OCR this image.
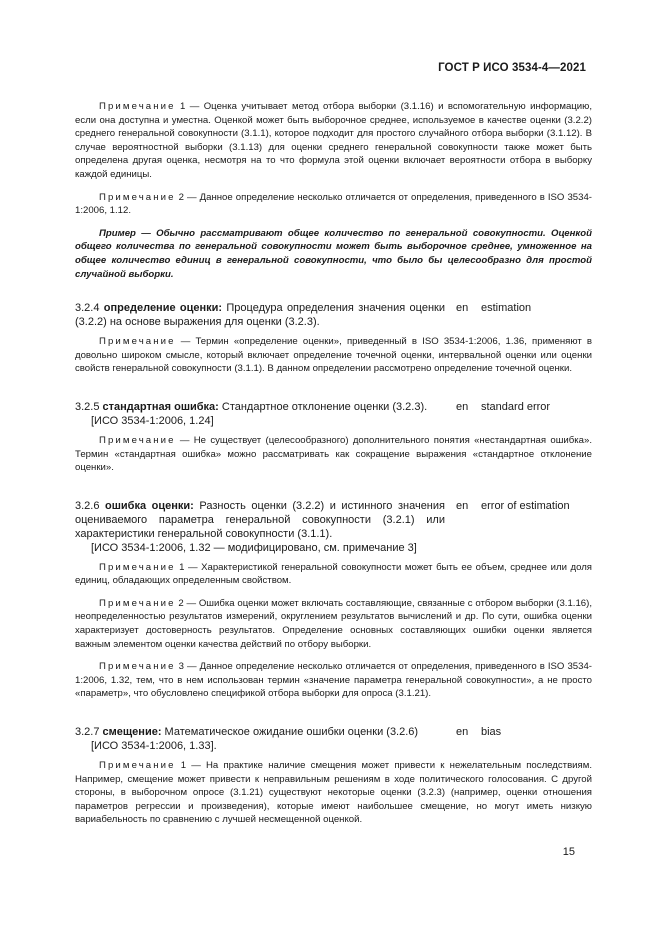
ГОСТ Р ИСО 3534-4—2021

Примечание 1 — Оценка учитывает метод отбора выборки (3.1.16) и вспомогательную информацию, если она доступна и уместна. Оценкой может быть выборочное среднее, используемое в качестве оценки (3.2.2) среднего генеральной совокупности (3.1.1), которое подходит для простого случайного отбора выборки (3.1.12). В случае вероятностной выборки (3.1.13) для оценки среднего генеральной совокупности также может быть определена другая оценка, несмотря на то что формула этой оценки включает вероятности отбора в выборку каждой единицы.

Примечание 2 — Данное определение несколько отличается от определения, приведенного в ISO 3534-1:2006, 1.12.

Пример — Обычно рассматривают общее количество по генеральной совокупности. Оценкой общего количества по генеральной совокупности может быть выборочное среднее, умноженное на общее количество единиц в генеральной совокупности, что было бы целесообразно для простой случайной выборки.

3.2.4 определение оценки: Процедура определения значения оценки (3.2.2) на основе выражения для оценки (3.2.3).
en estimation

Примечание — Термин «определение оценки», приведенный в ISO 3534-1:2006, 1.36, применяют в довольно широком смысле, который включает определение точечной оценки, интервальной оценки или оценки свойств генеральной совокупности (3.1.1). В данном определении рассмотрено определение точечной оценки.

3.2.5 стандартная ошибка: Стандартное отклонение оценки (3.2.3).
[ИСО 3534-1:2006, 1.24]
en standard error

Примечание — Не существует (целесообразного) дополнительного понятия «нестандартная ошибка». Термин «стандартная ошибка» можно рассматривать как сокращение выражения «стандартное отклонение оценки».

3.2.6 ошибка оценки: Разность оценки (3.2.2) и истинного значения оцениваемого параметра генеральной совокупности (3.2.1) или характеристики генеральной совокупности (3.1.1).
[ИСО 3534-1:2006, 1.32 — модифицировано, см. примечание 3]
en error of estimation

Примечание 1 — Характеристикой генеральной совокупности может быть ее объем, среднее или доля единиц, обладающих определенным свойством.

Примечание 2 — Ошибка оценки может включать составляющие, связанные с отбором выборки (3.1.16), неопределенностью результатов измерений, округлением результатов вычислений и др. По сути, ошибка оценки характеризует достоверность результатов. Определение основных составляющих ошибки оценки является важным элементом оценки качества действий по отбору выборки.

Примечание 3 — Данное определение несколько отличается от определения, приведенного в ISO 3534-1:2006, 1.32, тем, что в нем использован термин «значение параметра генеральной совокупности», а не просто «параметр», что обусловлено спецификой отбора выборки для опроса (3.1.21).

3.2.7 смещение: Математическое ожидание ошибки оценки (3.2.6)
[ИСО 3534-1:2006, 1.33].
en bias

Примечание 1 — На практике наличие смещения может привести к нежелательным последствиям. Например, смещение может привести к неправильным решениям в ходе политического голосования. С другой стороны, в выборочном опросе (3.1.21) существуют некоторые оценки (3.2.3) (например, оценки отношения параметров регрессии и произведения), которые имеют наибольшее смещение, но могут иметь низкую вариабельность по сравнению с лучшей несмещенной оценкой.

15
